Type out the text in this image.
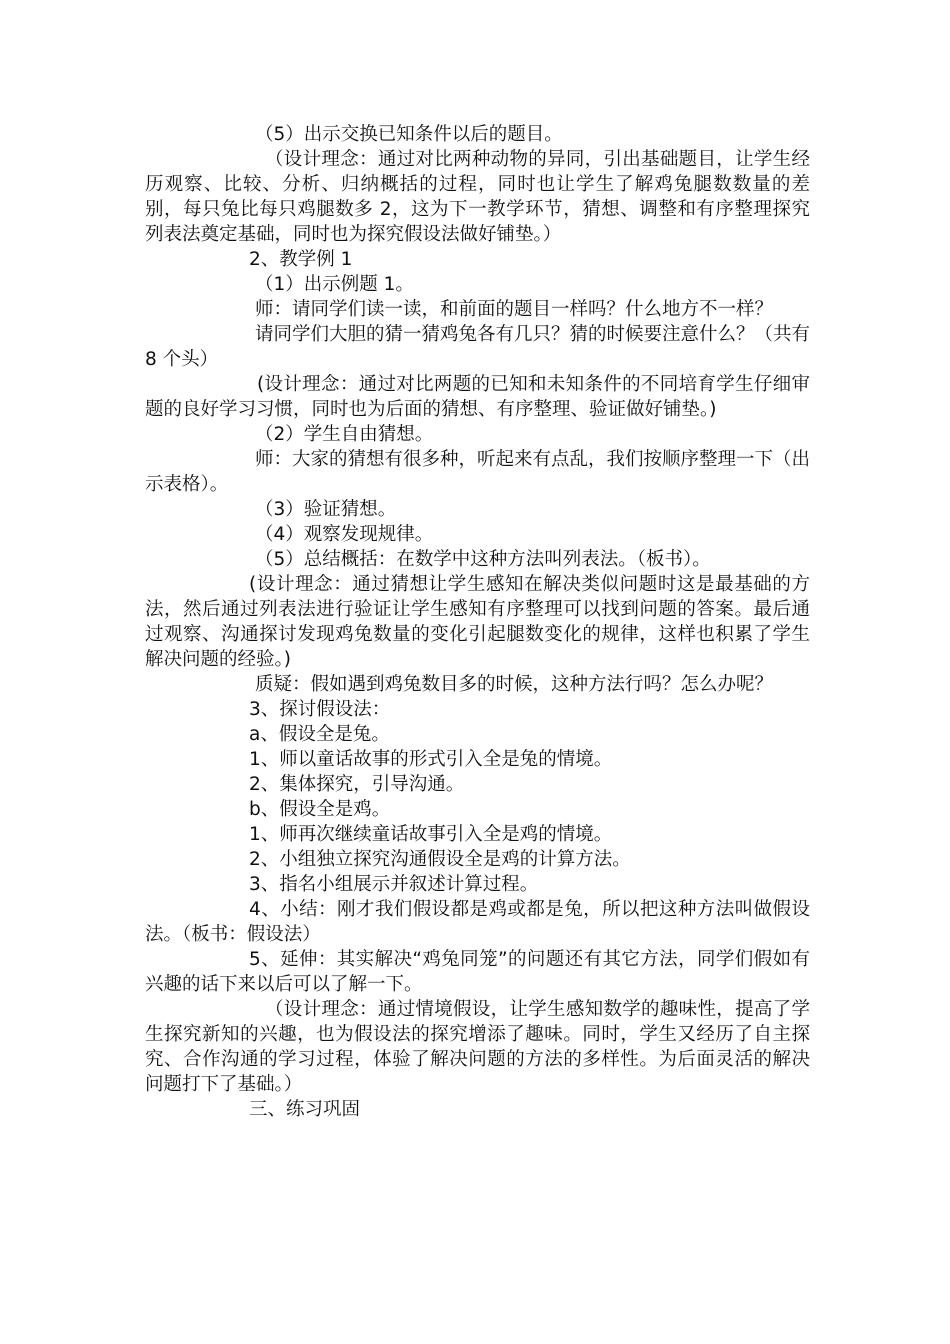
（5）出示交换已知条件以后的题目。

（设计理念：通过对比两种动物的异同，引出基础题目，让学生经历观察、比较、分析、归纳概括的过程，同时也让学生了解鸡兔腿数数量的差别，每只兔比每只鸡腿数多 2，这为下一教学环节，猜想、调整和有序整理探究列表法奠定基础，同时也为探究假设法做好铺垫。）

2、教学例 1

（1）出示例题 1。

师：请同学们读一读，和前面的题目一样吗？什么地方不一样？

请同学们大胆的猜一猜鸡兔各有几只？猜的时候要注意什么？（共有 8 个头）

(设计理念：通过对比两题的已知和未知条件的不同培育学生仔细审题的良好学习习惯，同时也为后面的猜想、有序整理、验证做好铺垫。)

（2）学生自由猜想。

师：大家的猜想有很多种，听起来有点乱，我们按顺序整理一下（出示表格）。

（3）验证猜想。

（4）观察发现规律。

（5）总结概括：在数学中这种方法叫列表法。（板书）。

(设计理念：通过猜想让学生感知在解决类似问题时这是最基础的方法，然后通过列表法进行验证让学生感知有序整理可以找到问题的答案。最后通过观察、沟通探讨发现鸡兔数量的变化引起腿数变化的规律，这样也积累了学生解决问题的经验。)

质疑：假如遇到鸡兔数目多的时候，这种方法行吗？怎么办呢？

3、探讨假设法：

a、假设全是兔。

1、师以童话故事的形式引入全是兔的情境。

2、集体探究，引导沟通。

b、假设全是鸡。

1、师再次继续童话故事引入全是鸡的情境。

2、小组独立探究沟通假设全是鸡的计算方法。

3、指名小组展示并叙述计算过程。

4、小结：刚才我们假设都是鸡或都是兔，所以把这种方法叫做假设法。（板书：假设法）

5、延伸：其实解决“鸡兔同笼”的问题还有其它方法，同学们假如有兴趣的话下来以后可以了解一下。

（设计理念：通过情境假设，让学生感知数学的趣味性，提高了学生探究新知的兴趣，也为假设法的探究增添了趣味。同时，学生又经历了自主探究、合作沟通的学习过程，体验了解决问题的方法的多样性。为后面灵活的解决问题打下了基础。）

三、练习巩固
